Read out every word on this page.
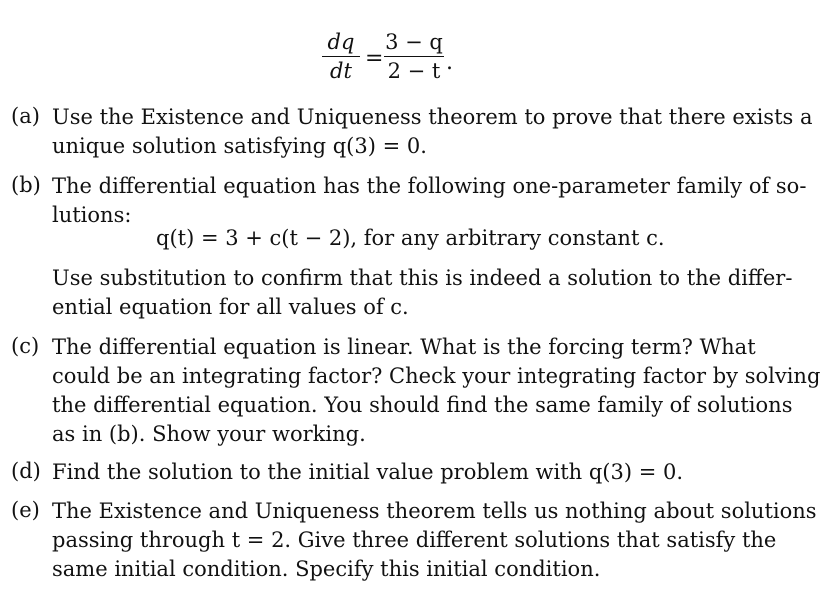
dq
dt
=
3 − q
2 − t .
(a) Use the Existence and Uniqueness theorem to prove that there exists a
unique solution satisfying q(3) = 0.
(b) The differential equation has the following one-parameter family of so-
lutions:
q(t) = 3 + c(t − 2), for any arbitrary constant c.
Use substitution to confirm that this is indeed a solution to the differ-
ential equation for all values of c.
(c) The differential equation is linear. What is the forcing term? What
could be an integrating factor? Check your integrating factor by solving
the differential equation. You should find the same family of solutions
as in (b). Show your working.
(d) Find the solution to the initial value problem with q(3) = 0.
(e) The Existence and Uniqueness theorem tells us nothing about solutions
passing through t = 2. Give three different solutions that satisfy the
same initial condition. Specify this initial condition.
